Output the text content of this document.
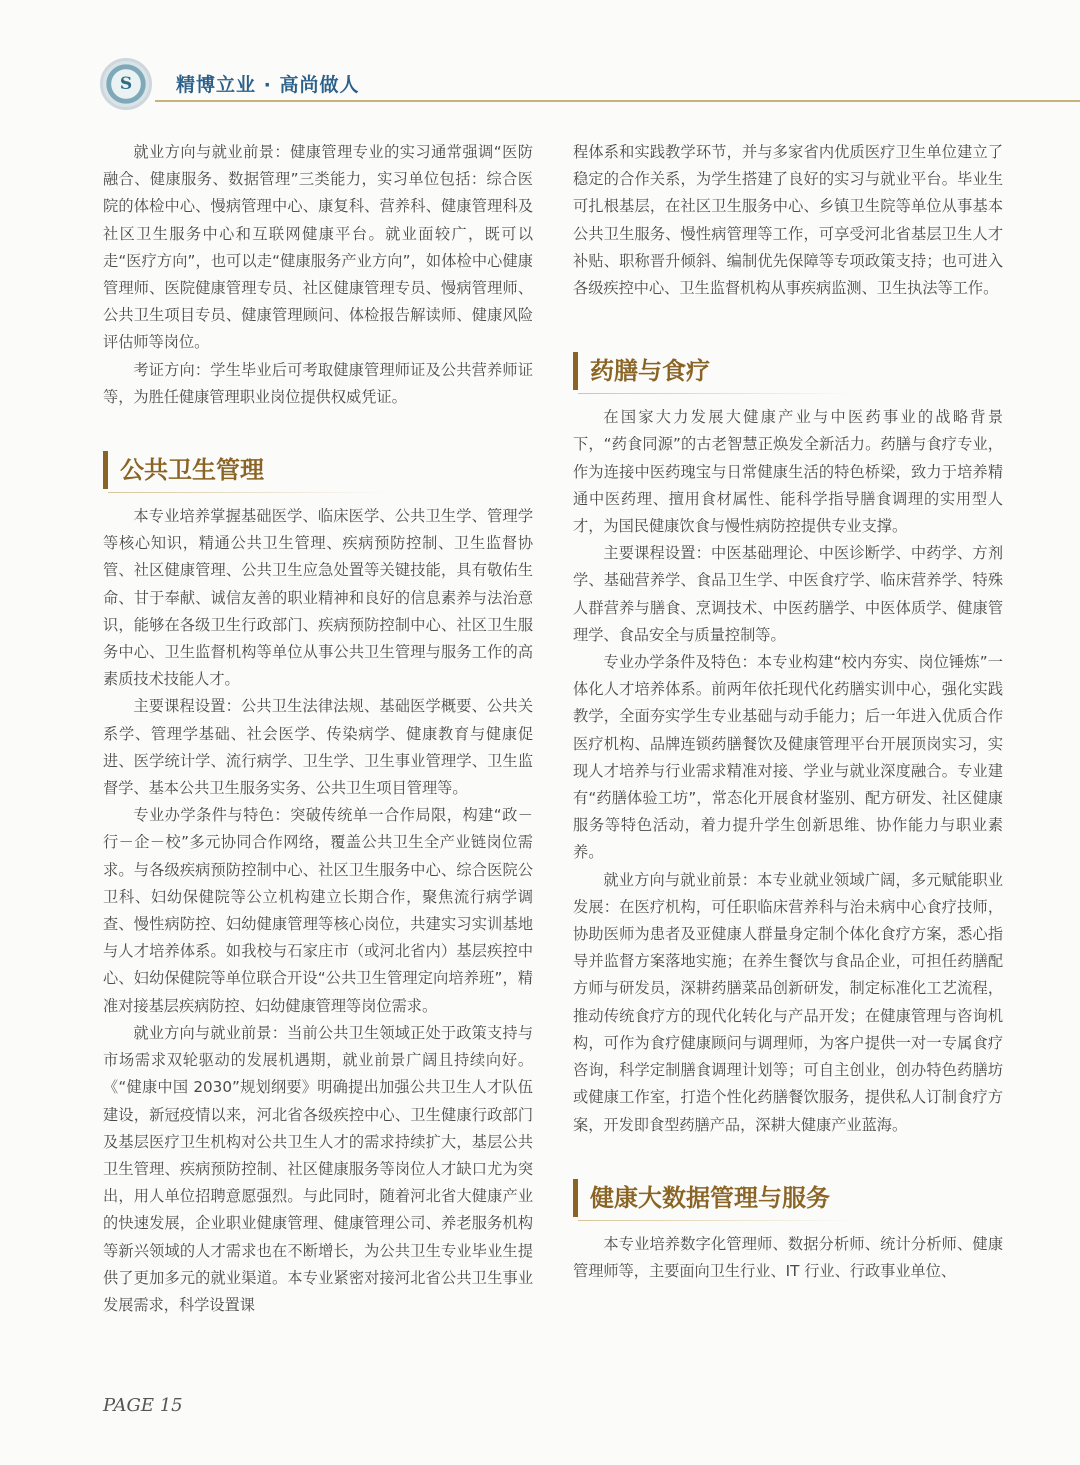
S 精博立业 · 高尚做人

就业方向与就业前景：健康管理专业的实习通常强调“医防融合、健康服务、数据管理”三类能力，实习单位包括：综合医院的体检中心、慢病管理中心、康复科、营养科、健康管理科及社区卫生服务中心和互联网健康平台。就业面较广，既可以走“医疗方向”，也可以走“健康服务产业方向”，如体检中心健康管理师、医院健康管理专员、社区健康管理专员、慢病管理师、公共卫生项目专员、健康管理顾问、体检报告解读师、健康风险评估师等岗位。

考证方向：学生毕业后可考取健康管理师证及公共营养师证等，为胜任健康管理职业岗位提供权威凭证。

公共卫生管理

本专业培养掌握基础医学、临床医学、公共卫生学、管理学等核心知识，精通公共卫生管理、疾病预防控制、卫生监督协管、社区健康管理、公共卫生应急处置等关键技能，具有敬佑生命、甘于奉献、诚信友善的职业精神和良好的信息素养与法治意识，能够在各级卫生行政部门、疾病预防控制中心、社区卫生服务中心、卫生监督机构等单位从事公共卫生管理与服务工作的高素质技术技能人才。

主要课程设置：公共卫生法律法规、基础医学概要、公共关系学、管理学基础、社会医学、传染病学、健康教育与健康促进、医学统计学、流行病学、卫生学、卫生事业管理学、卫生监督学、基本公共卫生服务实务、公共卫生项目管理等。

专业办学条件与特色：突破传统单一合作局限，构建“政－行－企－校”多元协同合作网络，覆盖公共卫生全产业链岗位需求。与各级疾病预防控制中心、社区卫生服务中心、综合医院公卫科、妇幼保健院等公立机构建立长期合作，聚焦流行病学调查、慢性病防控、妇幼健康管理等核心岗位，共建实习实训基地与人才培养体系。如我校与石家庄市（或河北省内）基层疾控中心、妇幼保健院等单位联合开设“公共卫生管理定向培养班”，精准对接基层疾病防控、妇幼健康管理等岗位需求。

就业方向与就业前景：当前公共卫生领域正处于政策支持与市场需求双轮驱动的发展机遇期，就业前景广阔且持续向好。《“健康中国 2030”规划纲要》明确提出加强公共卫生人才队伍建设，新冠疫情以来，河北省各级疾控中心、卫生健康行政部门及基层医疗卫生机构对公共卫生人才的需求持续扩大，基层公共卫生管理、疾病预防控制、社区健康服务等岗位人才缺口尤为突出，用人单位招聘意愿强烈。与此同时，随着河北省大健康产业的快速发展，企业职业健康管理、健康管理公司、养老服务机构等新兴领域的人才需求也在不断增长，为公共卫生专业毕业生提供了更加多元的就业渠道。本专业紧密对接河北省公共卫生事业发展需求，科学设置课

程体系和实践教学环节，并与多家省内优质医疗卫生单位建立了稳定的合作关系，为学生搭建了良好的实习与就业平台。毕业生可扎根基层，在社区卫生服务中心、乡镇卫生院等单位从事基本公共卫生服务、慢性病管理等工作，可享受河北省基层卫生人才补贴、职称晋升倾斜、编制优先保障等专项政策支持；也可进入各级疾控中心、卫生监督机构从事疾病监测、卫生执法等工作。

药膳与食疗

在国家大力发展大健康产业与中医药事业的战略背景下，“药食同源”的古老智慧正焕发全新活力。药膳与食疗专业，作为连接中医药瑰宝与日常健康生活的特色桥梁，致力于培养精通中医药理、擅用食材属性、能科学指导膳食调理的实用型人才，为国民健康饮食与慢性病防控提供专业支撑。

主要课程设置：中医基础理论、中医诊断学、中药学、方剂学、基础营养学、食品卫生学、中医食疗学、临床营养学、特殊人群营养与膳食、烹调技术、中医药膳学、中医体质学、健康管理学、食品安全与质量控制等。

专业办学条件及特色：本专业构建“校内夯实、岗位锤炼”一体化人才培养体系。前两年依托现代化药膳实训中心，强化实践教学，全面夯实学生专业基础与动手能力；后一年进入优质合作医疗机构、品牌连锁药膳餐饮及健康管理平台开展顶岗实习，实现人才培养与行业需求精准对接、学业与就业深度融合。专业建有“药膳体验工坊”，常态化开展食材鉴别、配方研发、社区健康服务等特色活动，着力提升学生创新思维、协作能力与职业素养。

就业方向与就业前景：本专业就业领域广阔，多元赋能职业发展：在医疗机构，可任职临床营养科与治未病中心食疗技师，协助医师为患者及亚健康人群量身定制个体化食疗方案，悉心指导并监督方案落地实施；在养生餐饮与食品企业，可担任药膳配方师与研发员，深耕药膳菜品创新研发，制定标准化工艺流程，推动传统食疗方的现代化转化与产品开发；在健康管理与咨询机构，可作为食疗健康顾问与调理师，为客户提供一对一专属食疗咨询，科学定制膳食调理计划等；可自主创业，创办特色药膳坊或健康工作室，打造个性化药膳餐饮服务，提供私人订制食疗方案，开发即食型药膳产品，深耕大健康产业蓝海。

健康大数据管理与服务

本专业培养数字化管理师、数据分析师、统计分析师、健康管理师等，主要面向卫生行业、IT 行业、行政事业单位、

PAGE 15
